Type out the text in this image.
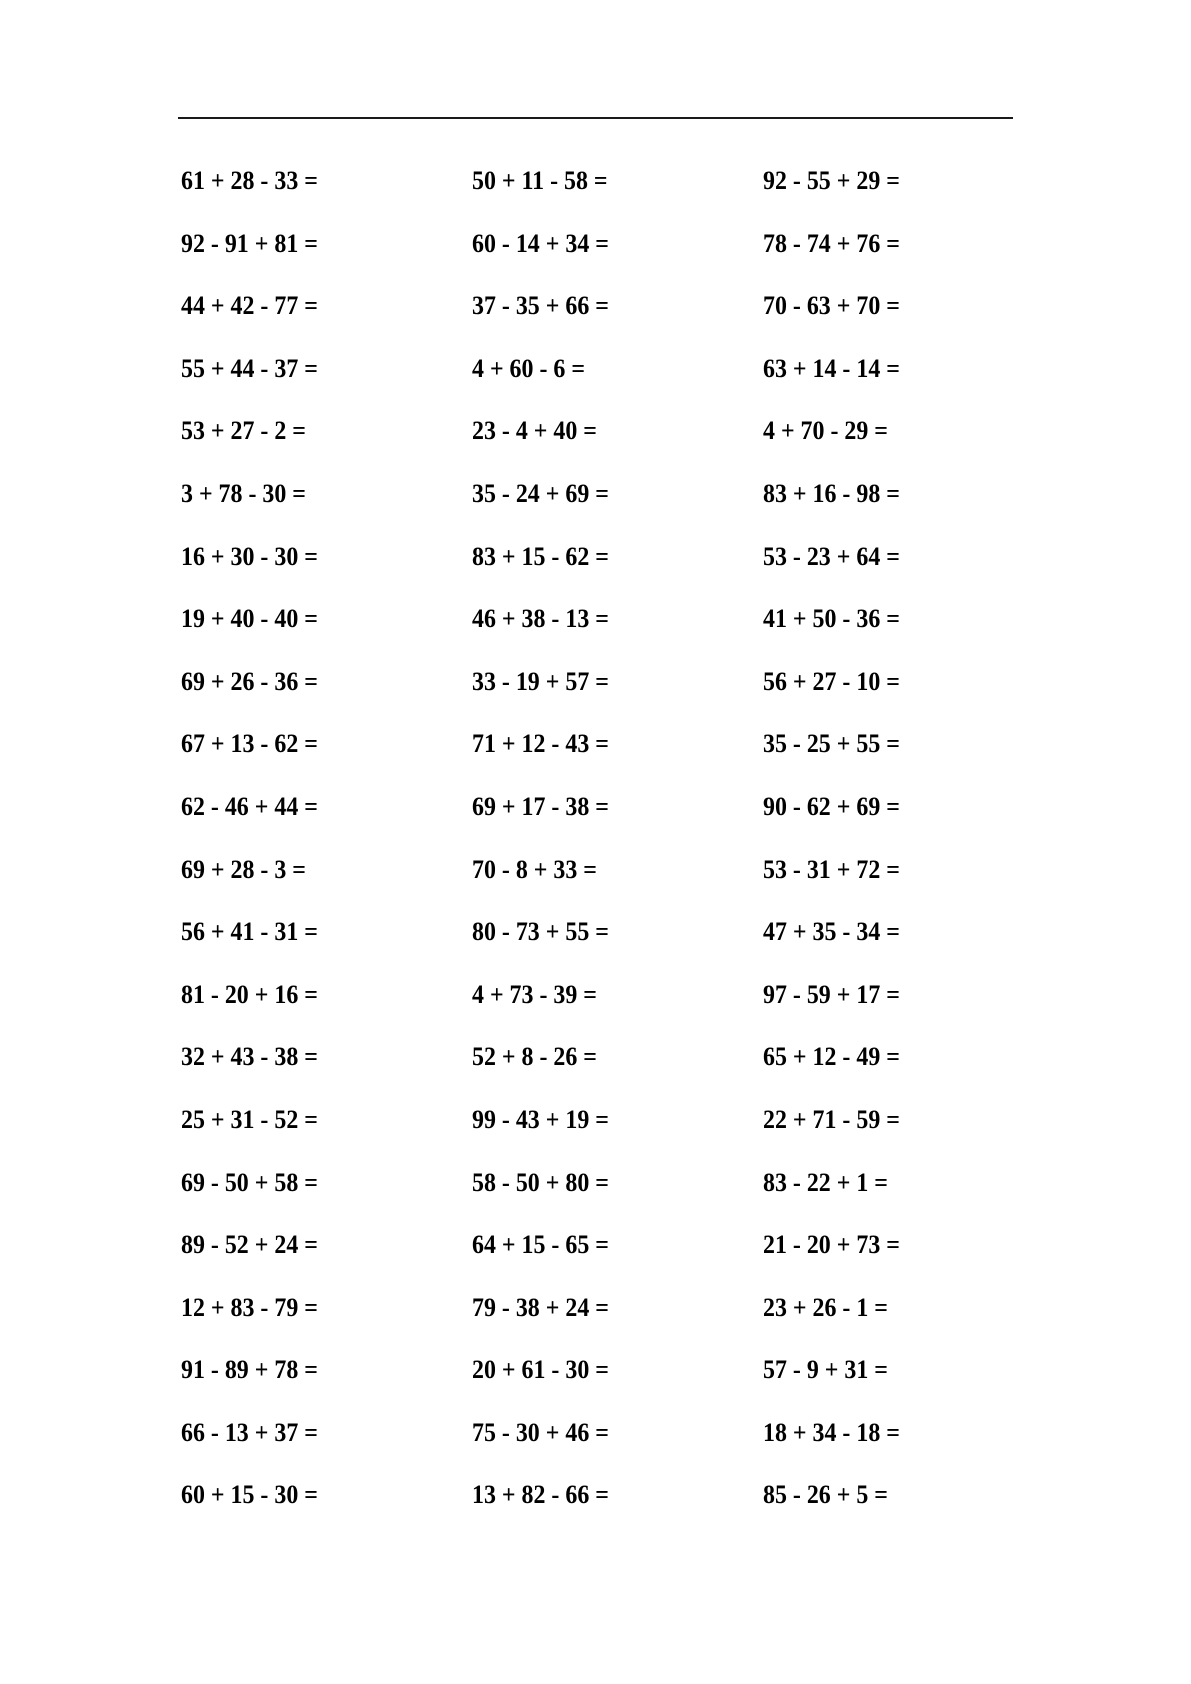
61 + 28 - 33 =	50 + 11 - 58 =	92 - 55 + 29 =
92 - 91 + 81 =	60 - 14 + 34 =	78 - 74 + 76 =
44 + 42 - 77 =	37 - 35 + 66 =	70 - 63 + 70 =
55 + 44 - 37 =	4 + 60 - 6 =	63 + 14 - 14 =
53 + 27 - 2 =	23 - 4 + 40 =	4 + 70 - 29 =
3 + 78 - 30 =	35 - 24 + 69 =	83 + 16 - 98 =
16 + 30 - 30 =	83 + 15 - 62 =	53 - 23 + 64 =
19 + 40 - 40 =	46 + 38 - 13 =	41 + 50 - 36 =
69 + 26 - 36 =	33 - 19 + 57 =	56 + 27 - 10 =
67 + 13 - 62 =	71 + 12 - 43 =	35 - 25 + 55 =
62 - 46 + 44 =	69 + 17 - 38 =	90 - 62 + 69 =
69 + 28 - 3 =	70 - 8 + 33 =	53 - 31 + 72 =
56 + 41 - 31 =	80 - 73 + 55 =	47 + 35 - 34 =
81 - 20 + 16 =	4 + 73 - 39 =	97 - 59 + 17 =
32 + 43 - 38 =	52 + 8 - 26 =	65 + 12 - 49 =
25 + 31 - 52 =	99 - 43 + 19 =	22 + 71 - 59 =
69 - 50 + 58 =	58 - 50 + 80 =	83 - 22 + 1 =
89 - 52 + 24 =	64 + 15 - 65 =	21 - 20 + 73 =
12 + 83 - 79 =	79 - 38 + 24 =	23 + 26 - 1 =
91 - 89 + 78 =	20 + 61 - 30 =	57 - 9 + 31 =
66 - 13 + 37 =	75 - 30 + 46 =	18 + 34 - 18 =
60 + 15 - 30 =	13 + 82 - 66 =	85 - 26 + 5 =
